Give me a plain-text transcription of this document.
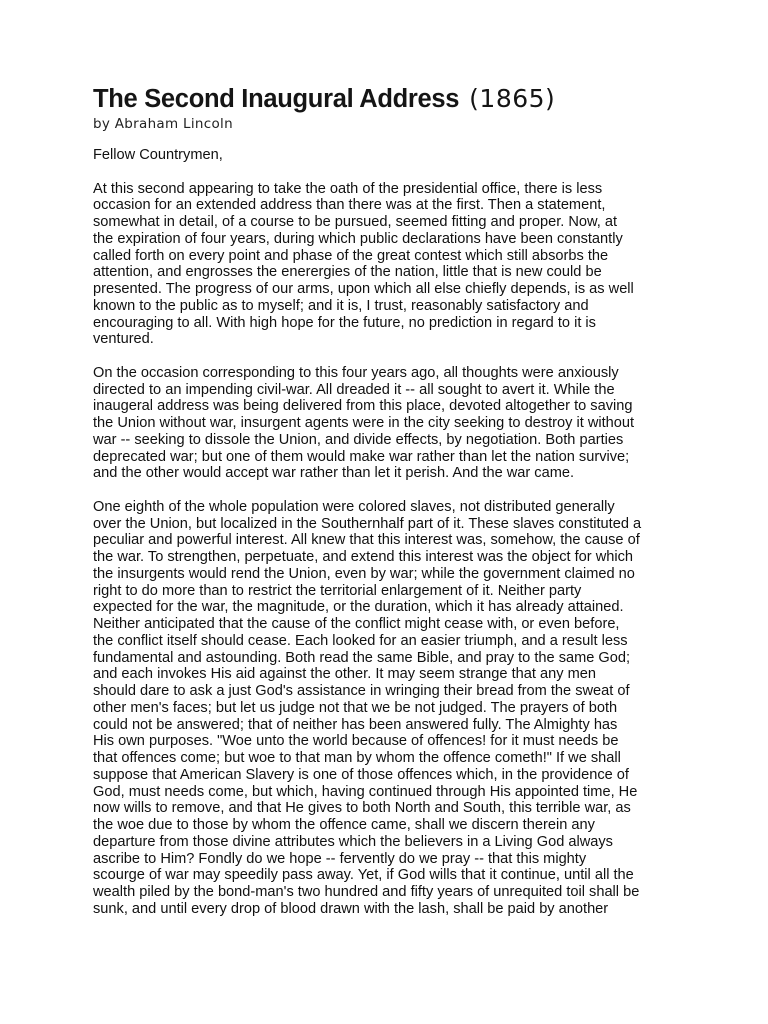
The Second Inaugural Address (1865)
by Abraham Lincoln
Fellow Countrymen,
At this second appearing to take the oath of the presidential office, there is less
occasion for an extended address than there was at the first. Then a statement,
somewhat in detail, of a course to be pursued, seemed fitting and proper. Now, at
the expiration of four years, during which public declarations have been constantly
called forth on every point and phase of the great contest which still absorbs the
attention, and engrosses the enerergies of the nation, little that is new could be
presented. The progress of our arms, upon which all else chiefly depends, is as well
known to the public as to myself; and it is, I trust, reasonably satisfactory and
encouraging to all. With high hope for the future, no prediction in regard to it is
ventured.
On the occasion corresponding to this four years ago, all thoughts were anxiously
directed to an impending civil-war. All dreaded it -- all sought to avert it. While the
inaugeral address was being delivered from this place, devoted altogether to saving
the Union without war, insurgent agents were in the city seeking to destroy it without
war -- seeking to dissole the Union, and divide effects, by negotiation. Both parties
deprecated war; but one of them would make war rather than let the nation survive;
and the other would accept war rather than let it perish. And the war came.
One eighth of the whole population were colored slaves, not distributed generally
over the Union, but localized in the Southernhalf part of it. These slaves constituted a
peculiar and powerful interest. All knew that this interest was, somehow, the cause of
the war. To strengthen, perpetuate, and extend this interest was the object for which
the insurgents would rend the Union, even by war; while the government claimed no
right to do more than to restrict the territorial enlargement of it. Neither party
expected for the war, the magnitude, or the duration, which it has already attained.
Neither anticipated that the cause of the conflict might cease with, or even before,
the conflict itself should cease. Each looked for an easier triumph, and a result less
fundamental and astounding. Both read the same Bible, and pray to the same God;
and each invokes His aid against the other. It may seem strange that any men
should dare to ask a just God's assistance in wringing their bread from the sweat of
other men's faces; but let us judge not that we be not judged. The prayers of both
could not be answered; that of neither has been answered fully. The Almighty has
His own purposes. "Woe unto the world because of offences! for it must needs be
that offences come; but woe to that man by whom the offence cometh!" If we shall
suppose that American Slavery is one of those offences which, in the providence of
God, must needs come, but which, having continued through His appointed time, He
now wills to remove, and that He gives to both North and South, this terrible war, as
the woe due to those by whom the offence came, shall we discern therein any
departure from those divine attributes which the believers in a Living God always
ascribe to Him? Fondly do we hope -- fervently do we pray -- that this mighty
scourge of war may speedily pass away. Yet, if God wills that it continue, until all the
wealth piled by the bond-man's two hundred and fifty years of unrequited toil shall be
sunk, and until every drop of blood drawn with the lash, shall be paid by another
